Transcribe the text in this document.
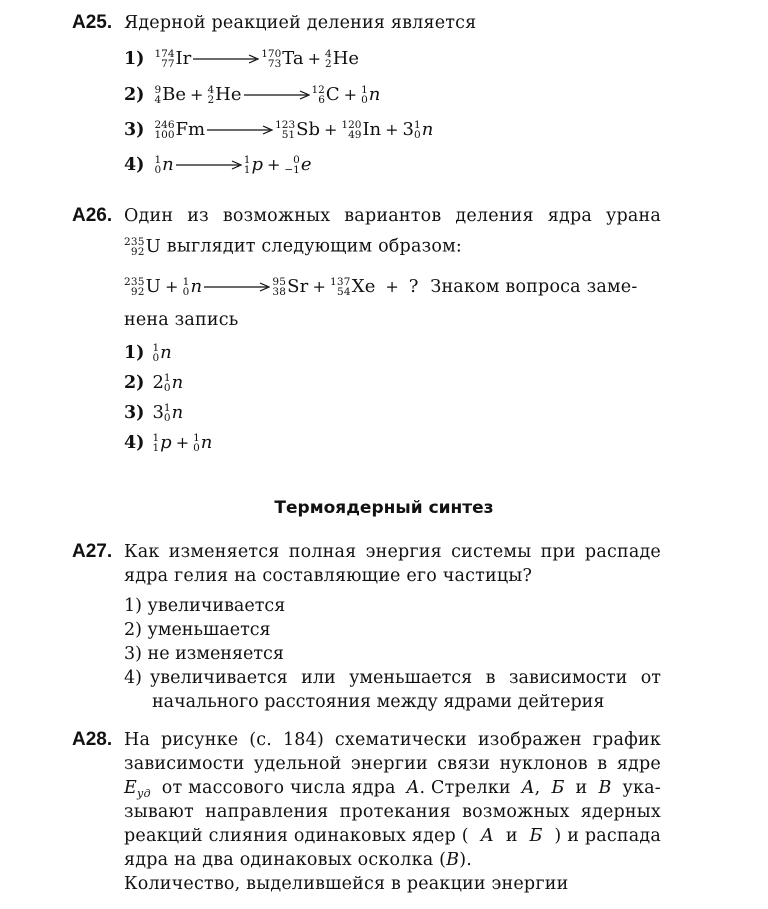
А25. Ядерной реакцией деления является
1) 174
77 Ir → 170
73 Ta + 4
2 He
2) 9
4 Be + 4
2 He → 12
6 C + 1
0 n
3) 246
100 Fm → 123
51 Sb + 120
49 In + 3 1
0 n
4) 1
0 n → 1
1 p + 0
−1 e
А26. Один из возможных вариантов деления ядра урана
235
92 U выглядит следующим образом:
235
92 U + 1
0 n → 95
38 Sr + 137
54 Xe + ? Знаком вопроса заме-
нена запись
1) 1
0 n
2) 2 1
0 n
3) 3 1
0 n
4) 1
1 p + 1
0 n
Термоядерный синтез
А27. Как изменяется полная энергия системы при распаде
ядра гелия на составляющие его частицы?
1) увеличивается
2) уменьшается
3) не изменяется
4) увеличивается или уменьшается в зависимости от
начального расстояния между ядрами дейтерия
А28. На рисунке (с. 184) схематически изображен график
зависимости удельной энергии связи нуклонов в ядре
$E_{уд}$ от массового числа ядра A. Стрелки A, Б и В ука-
зывают направления протекания возможных ядерных
реакций слияния одинаковых ядер ( А и Б ) и распада
ядра на два одинаковых осколка (В).
Количество, выделившейся в реакции энергии
